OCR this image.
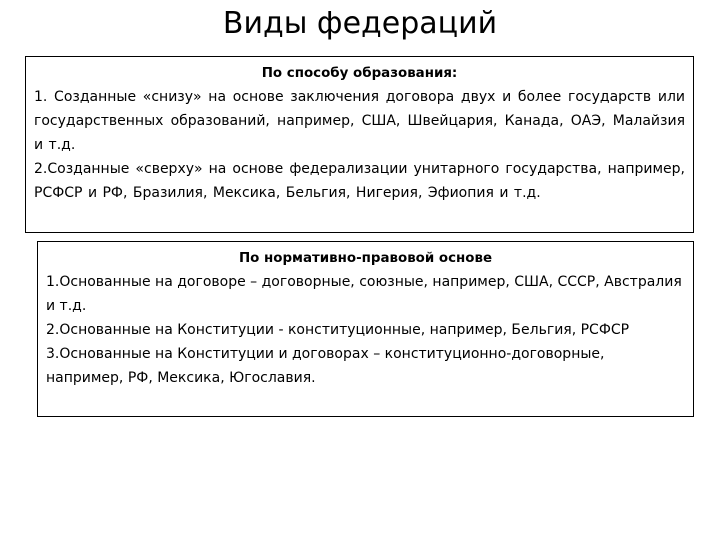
Виды федераций
По способу образования:
1. Созданные «снизу» на основе заключения договора двух и более государств или государственных образований, например, США, Швейцария, Канада, ОАЭ, Малайзия и т.д.
2.Созданные «сверху» на основе федерализации унитарного государства, например, РСФСР и РФ, Бразилия, Мексика, Бельгия, Нигерия, Эфиопия и т.д.
По нормативно-правовой основе
1.Основанные на договоре – договорные, союзные, например, США, СССР, Австралия и т.д.
2.Основанные на Конституции - конституционные, например, Бельгия, РСФСР
3.Основанные на Конституции и договорах – конституционно-договорные, например, РФ, Мексика, Югославия.
